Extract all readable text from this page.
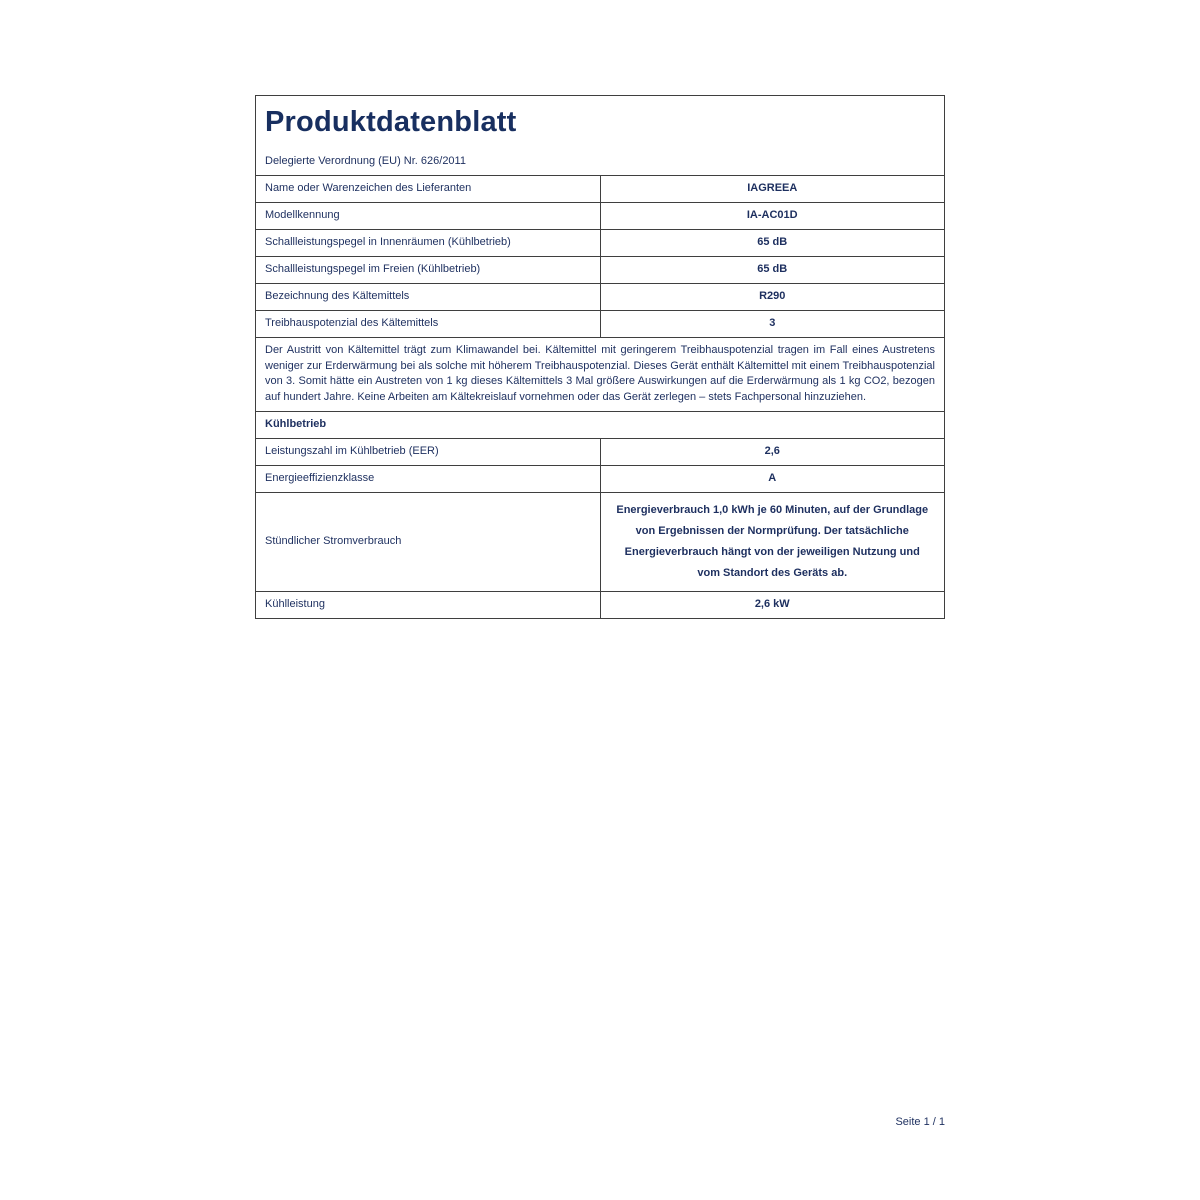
Produktdatenblatt
Delegierte Verordnung (EU) Nr. 626/2011

Name oder Warenzeichen des Lieferanten	IAGREEA
Modellkennung	IA-AC01D
Schallleistungspegel in Innenräumen (Kühlbetrieb)	65 dB
Schallleistungspegel im Freien (Kühlbetrieb)	65 dB
Bezeichnung des Kältemittels	R290
Treibhauspotenzial des Kältemittels	3
Der Austritt von Kältemittel trägt zum Klimawandel bei. Kältemittel mit geringerem Treibhauspotenzial tragen im Fall eines Austretens weniger zur Erderwärmung bei als solche mit höherem Treibhauspotenzial. Dieses Gerät enthält Kältemittel mit einem Treibhauspotenzial von 3. Somit hätte ein Austreten von 1 kg dieses Kältemittels 3 Mal größere Auswirkungen auf die Erderwärmung als 1 kg CO2, bezogen auf hundert Jahre. Keine Arbeiten am Kältekreislauf vornehmen oder das Gerät zerlegen – stets Fachpersonal hinzuziehen.	
Kühlbetrieb	
Leistungszahl im Kühlbetrieb (EER)	2,6
Energieeffizienzklasse	A
Stündlicher Stromverbrauch	Energieverbrauch 1,0 kWh je 60 Minuten, auf der Grundlage von Ergebnissen der Normprüfung. Der tatsächliche Energieverbrauch hängt von der jeweiligen Nutzung und vom Standort des Geräts ab.
Kühlleistung	2,6 kW
Seite 1 / 1
